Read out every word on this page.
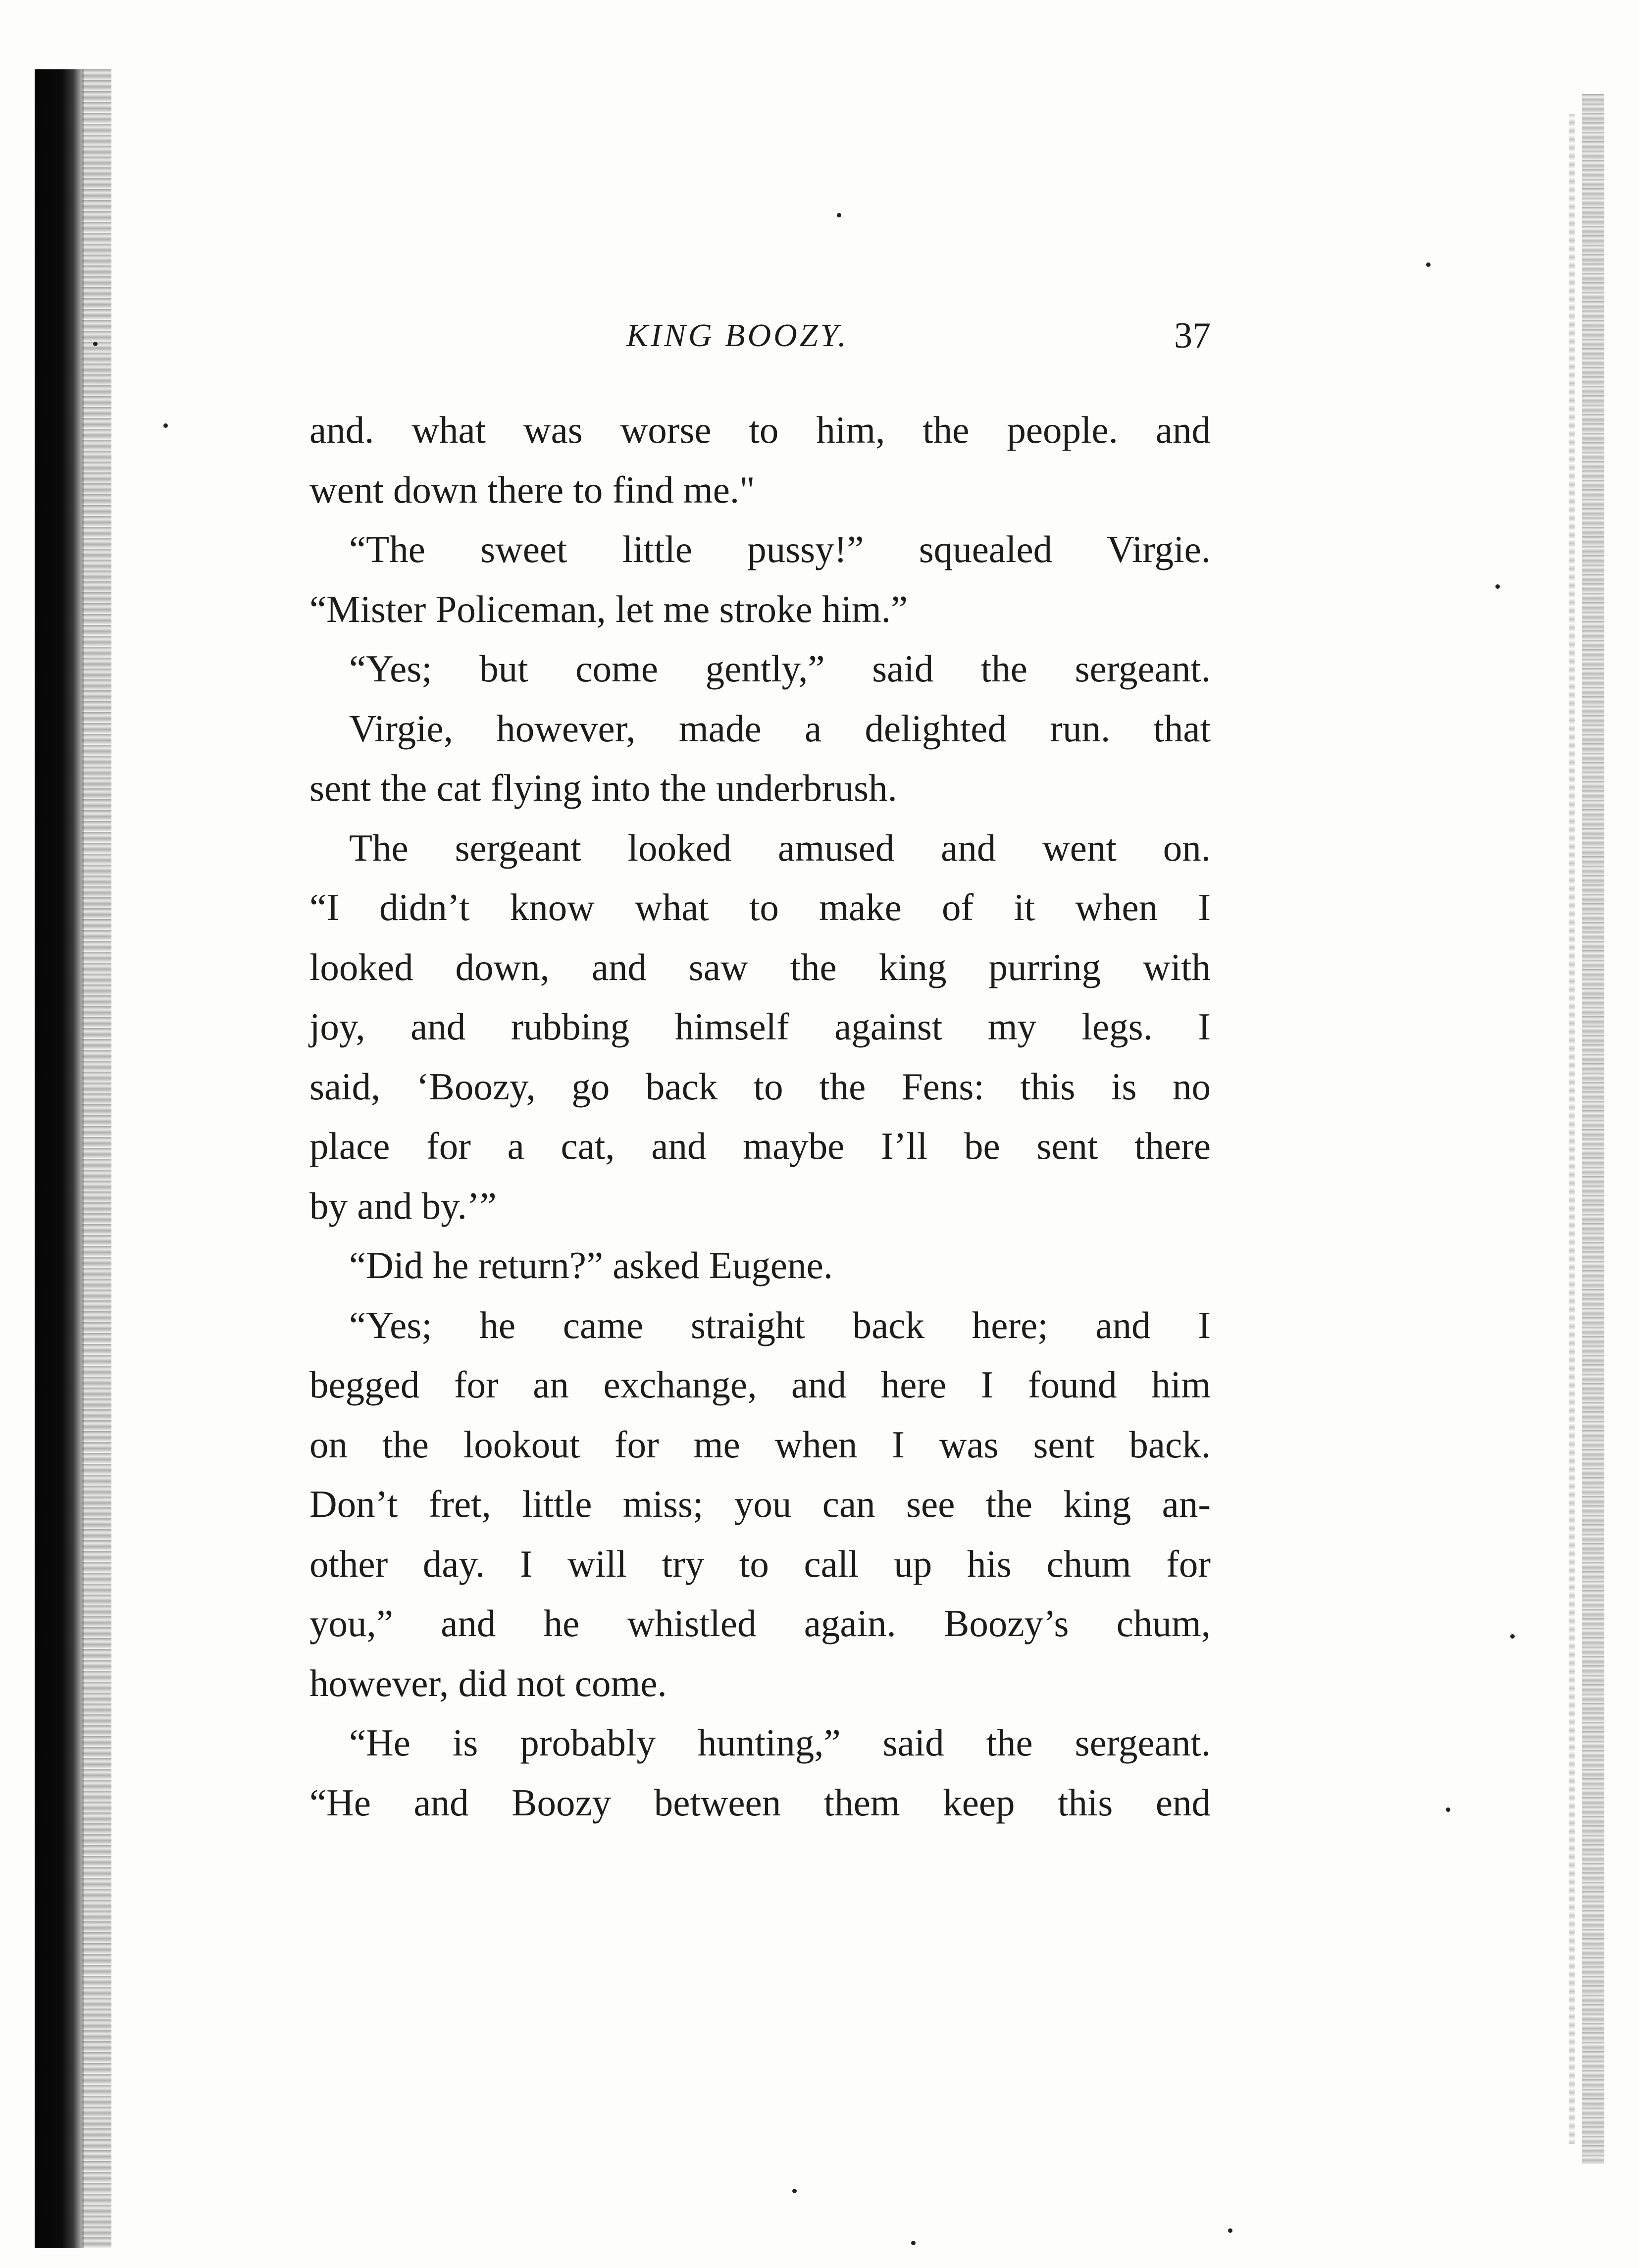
KING BOOZY.	37
and. what was worse to him, the people. and
went down there to find me."
“The sweet little pussy!” squealed Virgie.
“Mister Policeman, let me stroke him.”
“Yes; but come gently,” said the sergeant.
Virgie, however, made a delighted run. that
sent the cat flying into the underbrush.
The sergeant looked amused and went on.
“I didn’t know what to make of it when I
looked down, and saw the king purring with
joy, and rubbing himself against my legs. I
said, ‘Boozy, go back to the Fens: this is no
place for a cat, and maybe I’ll be sent there
by and by.’”
“Did he return?” asked Eugene.
“Yes; he came straight back here; and I
begged for an exchange, and here I found him
on the lookout for me when I was sent back.
Don’t fret, little miss; you can see the king an-
other day. I will try to call up his chum for
you,” and he whistled again. Boozy’s chum,
however, did not come.
“He is probably hunting,” said the sergeant.
“He and Boozy between them keep this end
